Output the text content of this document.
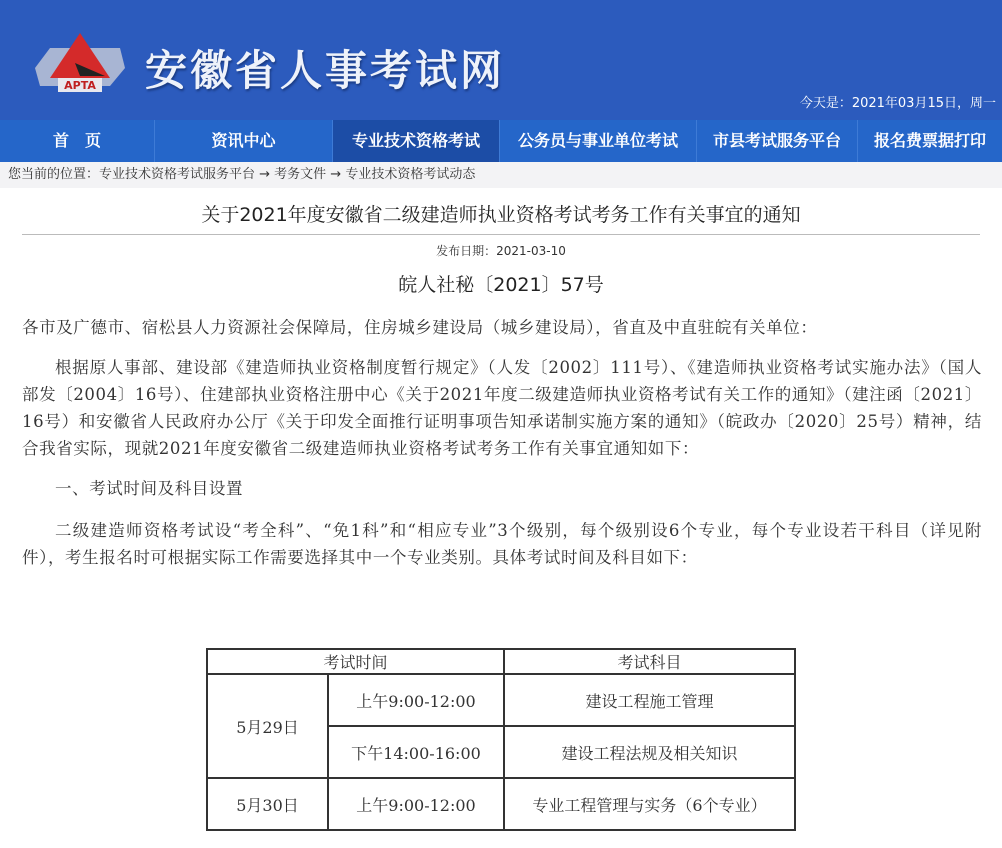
APTA 安徽省人事考试网
今天是：2021年03月15日，周一
首　页	资讯中心	专业技术资格考试	公务员与事业单位考试	市县考试服务平台	报名费票据打印
您当前的位置：专业技术资格考试服务平台 → 考务文件 → 专业技术资格考试动态
关于2021年度安徽省二级建造师执业资格考试考务工作有关事宜的通知
发布日期：2021-03-10
皖人社秘〔2021〕57号

各市及广德市、宿松县人力资源社会保障局，住房城乡建设局（城乡建设局），省直及中直驻皖有关单位：

根据原人事部、建设部《建造师执业资格制度暂行规定》（人发〔2002〕111号）、《建造师执业资格考试实施办法》（国人部发〔2004〕16号）、住建部执业资格注册中心《关于2021年度二级建造师执业资格考试有关工作的通知》（建注函〔2021〕16号）和安徽省人民政府办公厅《关于印发全面推行证明事项告知承诺制实施方案的通知》（皖政办〔2020〕25号）精神，结合我省实际，现就2021年度安徽省二级建造师执业资格考试考务工作有关事宜通知如下：

一、考试时间及科目设置

二级建造师资格考试设“考全科”、“免1科”和“相应专业”3个级别，每个级别设6个专业，每个专业设若干科目（详见附件），考生报名时可根据实际工作需要选择其中一个专业类别。具体考试时间及科目如下：

考试时间		考试科目
5月29日	上午9:00-12:00	建设工程施工管理
	下午14:00-16:00	建设工程法规及相关知识
5月30日	上午9:00-12:00	专业工程管理与实务（6个专业）
